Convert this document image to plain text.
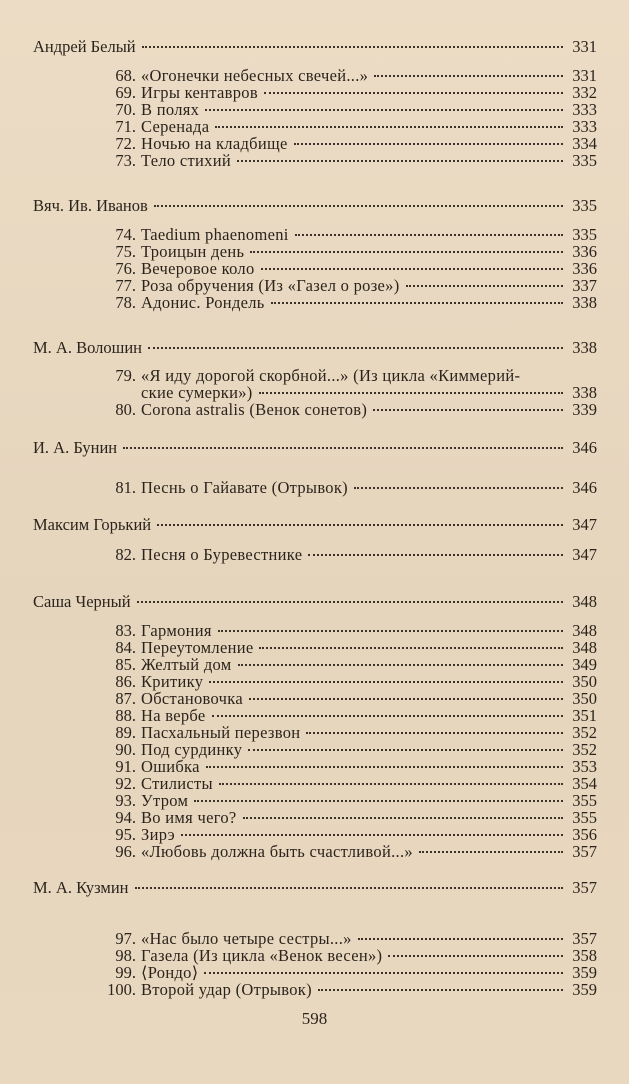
Андрей Белый	331
68. «Огонечки небесных свечей...»	331
69. Игры кентавров	332
70. В полях	333
71. Серенада	333
72. Ночью на кладбище	334
73. Тело стихий	335
Вяч. Ив. Иванов	335
74. Taedium phaenomeni	335
75. Троицын день	336
76. Вечеровое коло	336
77. Роза обручения (Из «Газел о розе»)	337
78. Адонис. Рондель	338
М. А. Волошин	338
79. «Я иду дорогой скорбной...» (Из цикла «Киммерий-
ские сумерки»)	338
80. Corona astralis (Венок сонетов)	339
И. А. Бунин	346
81. Песнь о Гайавате (Отрывок)	346
Максим Горький	347
82. Песня о Буревестнике	347
Саша Черный	348
83. Гармония	348
84. Переутомление	348
85. Желтый дом	349
86. Критику	350
87. Обстановочка	350
88. На вербе	351
89. Пасхальный перезвон	352
90. Под сурдинку	352
91. Ошибка	353
92. Стилисты	354
93. Утром	355
94. Во имя чего?	355
95. Зирэ	356
96. «Любовь должна быть счастливой...»	357
М. А. Кузмин	357
97. «Нас было четыре сестры...»	357
98. Газела (Из цикла «Венок весен»)	358
99. ⟨Рондо⟩	359
100. Второй удар (Отрывок)	359
598
